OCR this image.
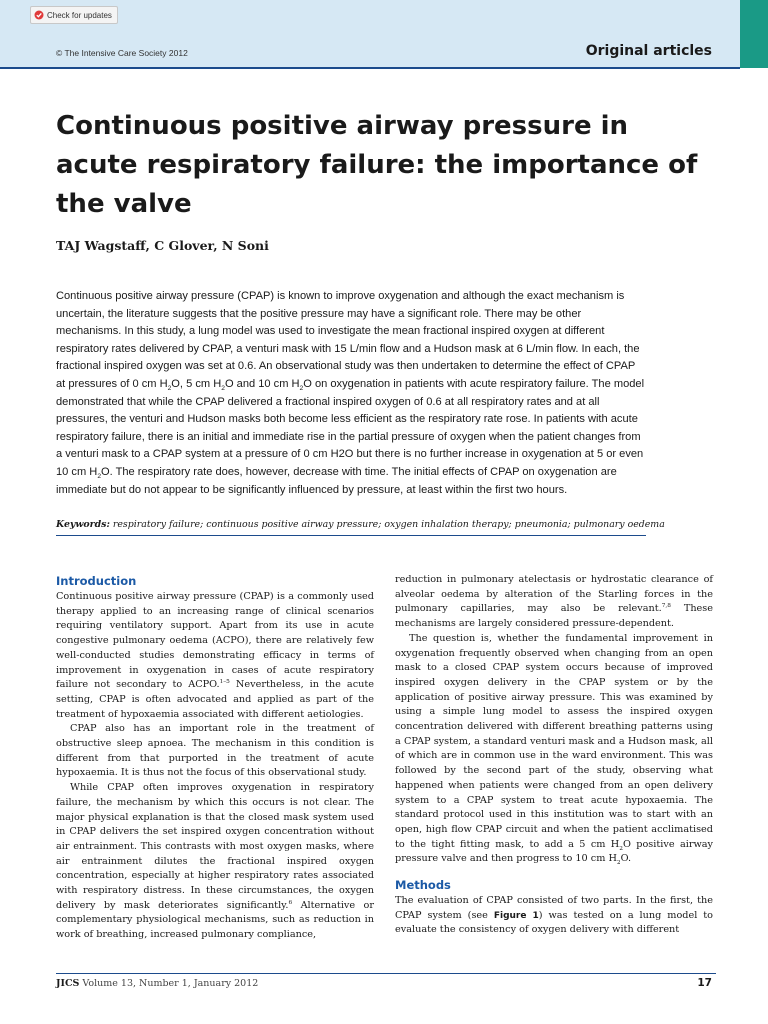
Check for updates
© The Intensive Care Society 2012	Original articles
Continuous positive airway pressure in acute respiratory failure: the importance of the valve
TAJ Wagstaff, C Glover, N Soni

Continuous positive airway pressure (CPAP) is known to improve oxygenation and although the exact mechanism is
uncertain, the literature suggests that the positive pressure may have a significant role. There may be other
mechanisms. In this study, a lung model was used to investigate the mean fractional inspired oxygen at different
respiratory rates delivered by CPAP, a venturi mask with 15 L/min flow and a Hudson mask at 6 L/min flow. In each, the
fractional inspired oxygen was set at 0.6. An observational study was then undertaken to determine the effect of CPAP
at pressures of 0 cm $H_2O$, 5 cm $H_2O$ and 10 cm $H_2O$ on oxygenation in patients with acute respiratory failure. The model
demonstrated that while the CPAP delivered a fractional inspired oxygen of 0.6 at all respiratory rates and at all
pressures, the venturi and Hudson masks both become less efficient as the respiratory rate rose. In patients with acute
respiratory failure, there is an initial and immediate rise in the partial pressure of oxygen when the patient changes from
a venturi mask to a CPAP system at a pressure of 0 cm H2O but there is no further increase in oxygenation at 5 or even
10 cm $H_2O$. The respiratory rate does, however, decrease with time. The initial effects of CPAP on oxygenation are
immediate but do not appear to be significantly influenced by pressure, at least within the first two hours.

Keywords: respiratory failure; continuous positive airway pressure; oxygen inhalation therapy; pneumonia; pulmonary oedema
Introduction

Continuous positive airway pressure (CPAP) is a commonly used therapy applied to an increasing range of clinical scenarios requiring ventilatory support. Apart from its use in acute congestive pulmonary oedema (ACPO), there are relatively few well-conducted studies demonstrating efficacy in terms of improvement in oxygenation in cases of acute respiratory failure not secondary to ACPO.$^{1-5}$ Nevertheless, in the acute setting, CPAP is often advocated and applied as part of the treatment of hypoxaemia associated with different aetiologies.

CPAP also has an important role in the treatment of obstructive sleep apnoea. The mechanism in this condition is different from that purported in the treatment of acute hypoxaemia. It is thus not the focus of this observational study.

While CPAP often improves oxygenation in respiratory failure, the mechanism by which this occurs is not clear. The major physical explanation is that the closed mask system used in CPAP delivers the set inspired oxygen concentration without air entrainment. This contrasts with most oxygen masks, where air entrainment dilutes the fractional inspired oxygen concentration, especially at higher respiratory rates associated with respiratory distress. In these circumstances, the oxygen delivery by mask deteriorates significantly.$^6$ Alternative or complementary physiological mechanisms, such as reduction in work of breathing, increased pulmonary compliance,

reduction in pulmonary atelectasis or hydrostatic clearance of alveolar oedema by alteration of the Starling forces in the pulmonary capillaries, may also be relevant.$^{7,8}$ These mechanisms are largely considered pressure-dependent.

The question is, whether the fundamental improvement in oxygenation frequently observed when changing from an open mask to a closed CPAP system occurs because of improved inspired oxygen delivery in the CPAP system or by the application of positive airway pressure. This was examined by using a simple lung model to assess the inspired oxygen concentration delivered with different breathing patterns using a CPAP system, a standard venturi mask and a Hudson mask, all of which are in common use in the ward environment. This was followed by the second part of the study, observing what happened when patients were changed from an open delivery system to a CPAP system to treat acute hypoxaemia. The standard protocol used in this institution was to start with an open, high flow CPAP circuit and when the patient acclimatised to the tight fitting mask, to add a 5 cm $H_2O$ positive airway pressure valve and then progress to 10 cm $H_2O$.

Methods

The evaluation of CPAP consisted of two parts. In the first, the CPAP system (see Figure 1) was tested on a lung model to evaluate the consistency of oxygen delivery with different

JICS Volume 13, Number 1, January 2012	17
